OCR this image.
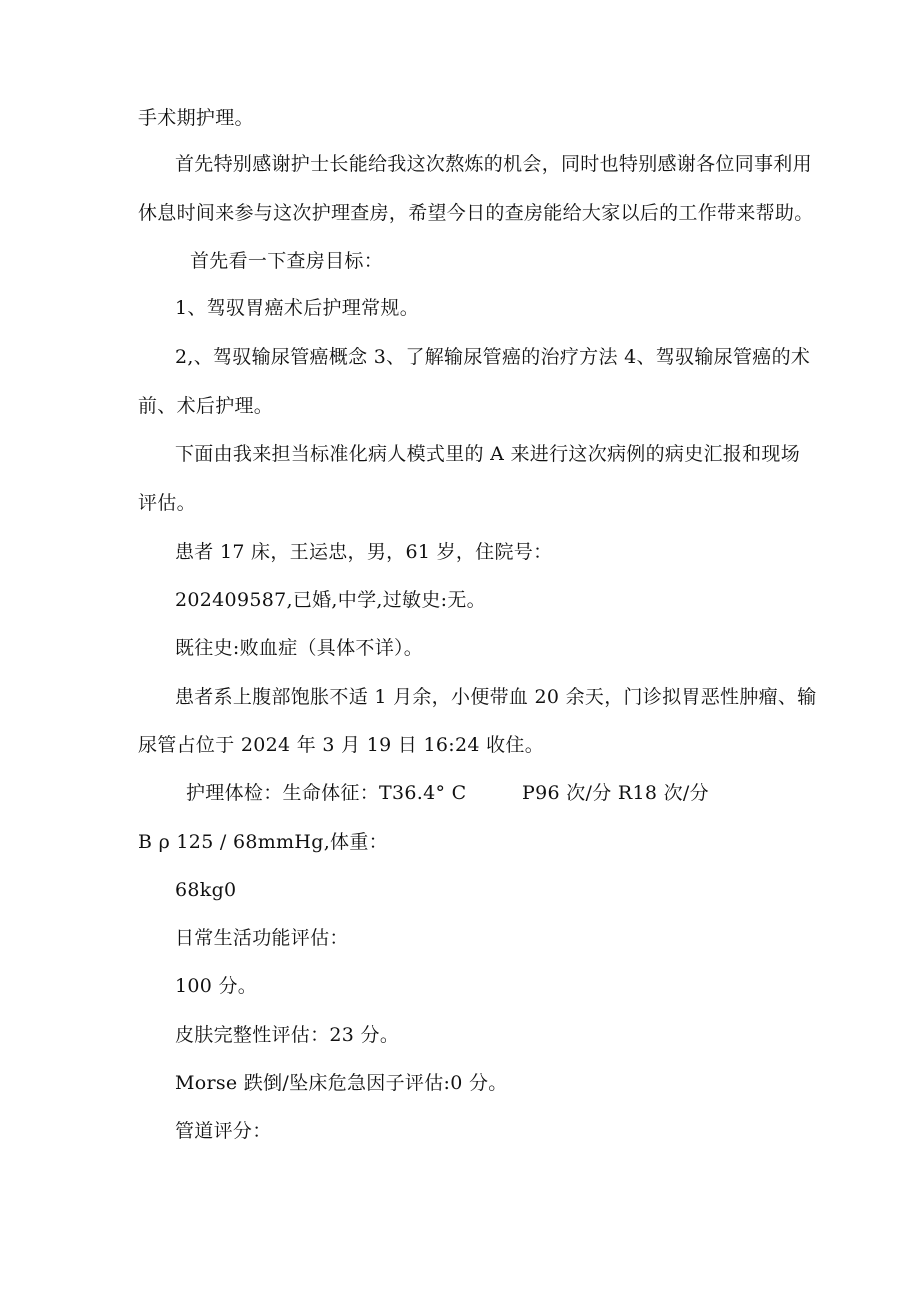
手术期护理。
首先特别感谢护士长能给我这次熬炼的机会，同时也特别感谢各位同事利用
休息时间来参与这次护理查房，希望今日的查房能给大家以后的工作带来帮助。
首先看一下查房目标：
1、驾驭胃癌术后护理常规。
2,、驾驭输尿管癌概念 3、了解输尿管癌的治疗方法 4、驾驭输尿管癌的术
前、术后护理。
下面由我来担当标准化病人模式里的 A 来进行这次病例的病史汇报和现场
评估。
患者 17 床，王运忠，男，61 岁，住院号：
202409587,已婚,中学,过敏史:无。
既往史:败血症（具体不详）。
患者系上腹部饱胀不适 1 月余，小便带血 20 余天，门诊拟胃恶性肿瘤、输
尿管占位于 2024 年 3 月 19 日 16:24 收住。
护理体检：生命体征：T36.4° C	P96 次/分 R18 次/分
B ρ 125 / 68mmHg,体重：
68kg0
日常生活功能评估：
100 分。
皮肤完整性评估：23 分。
Morse 跌倒/坠床危急因子评估:0 分。
管道评分：
